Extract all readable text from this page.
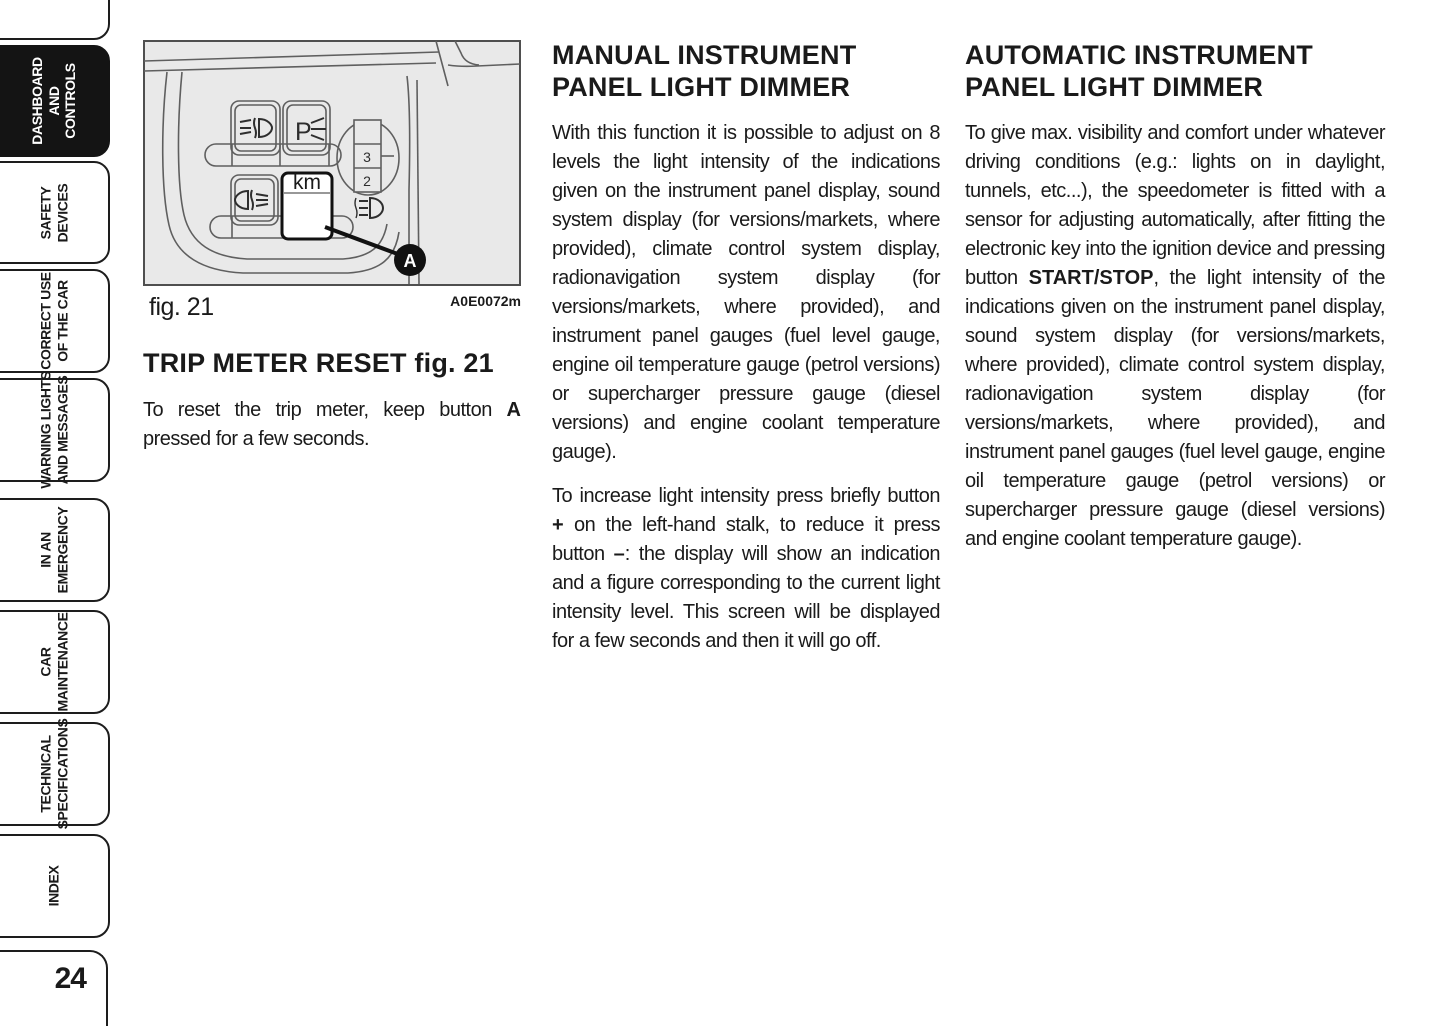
DASHBOARD AND CONTROLS
SAFETY DEVICES
CORRECT USE OF THE CAR
WARNING LIGHTS AND MESSAGES
IN AN EMERGENCY
CAR MAINTENANCE
TECHNICAL SPECIFICATIONS
INDEX
24
P
3
2
km
A
fig. 21	A0E0072m
TRIP METER RESET fig. 21

To reset the trip meter, keep button A pressed for a few seconds.

MANUAL INSTRUMENT
PANEL LIGHT DIMMER

With this function it is possible to adjust on 8 levels the light intensity of the indications given on the instrument panel display, sound system display (for versions/markets, where provided), climate control system display, radionavigation system display (for versions/markets, where provided), and instrument panel gauges (fuel level gauge, engine oil temperature gauge (petrol versions) or supercharger pressure gauge (diesel versions) and engine coolant temperature gauge).

To increase light intensity press briefly button + on the left-hand stalk, to reduce it press button –: the display will show an indication and a figure corresponding to the current light intensity level. This screen will be displayed for a few seconds and then it will go off.

AUTOMATIC INSTRUMENT
PANEL LIGHT DIMMER

To give max. visibility and comfort under whatever driving conditions (e.g.: lights on in daylight, tunnels, etc...), the speedometer is fitted with a sensor for adjusting automatically, after fitting the electronic key into the ignition device and pressing button START/STOP, the light intensity of the indications given on the instrument panel display, sound system display (for versions/markets, where provided), climate control system display, radionavigation system display (for versions/markets, where provided), and instrument panel gauges (fuel level gauge, engine oil temperature gauge (petrol versions) or supercharger pressure gauge (diesel versions) and engine coolant temperature gauge).
